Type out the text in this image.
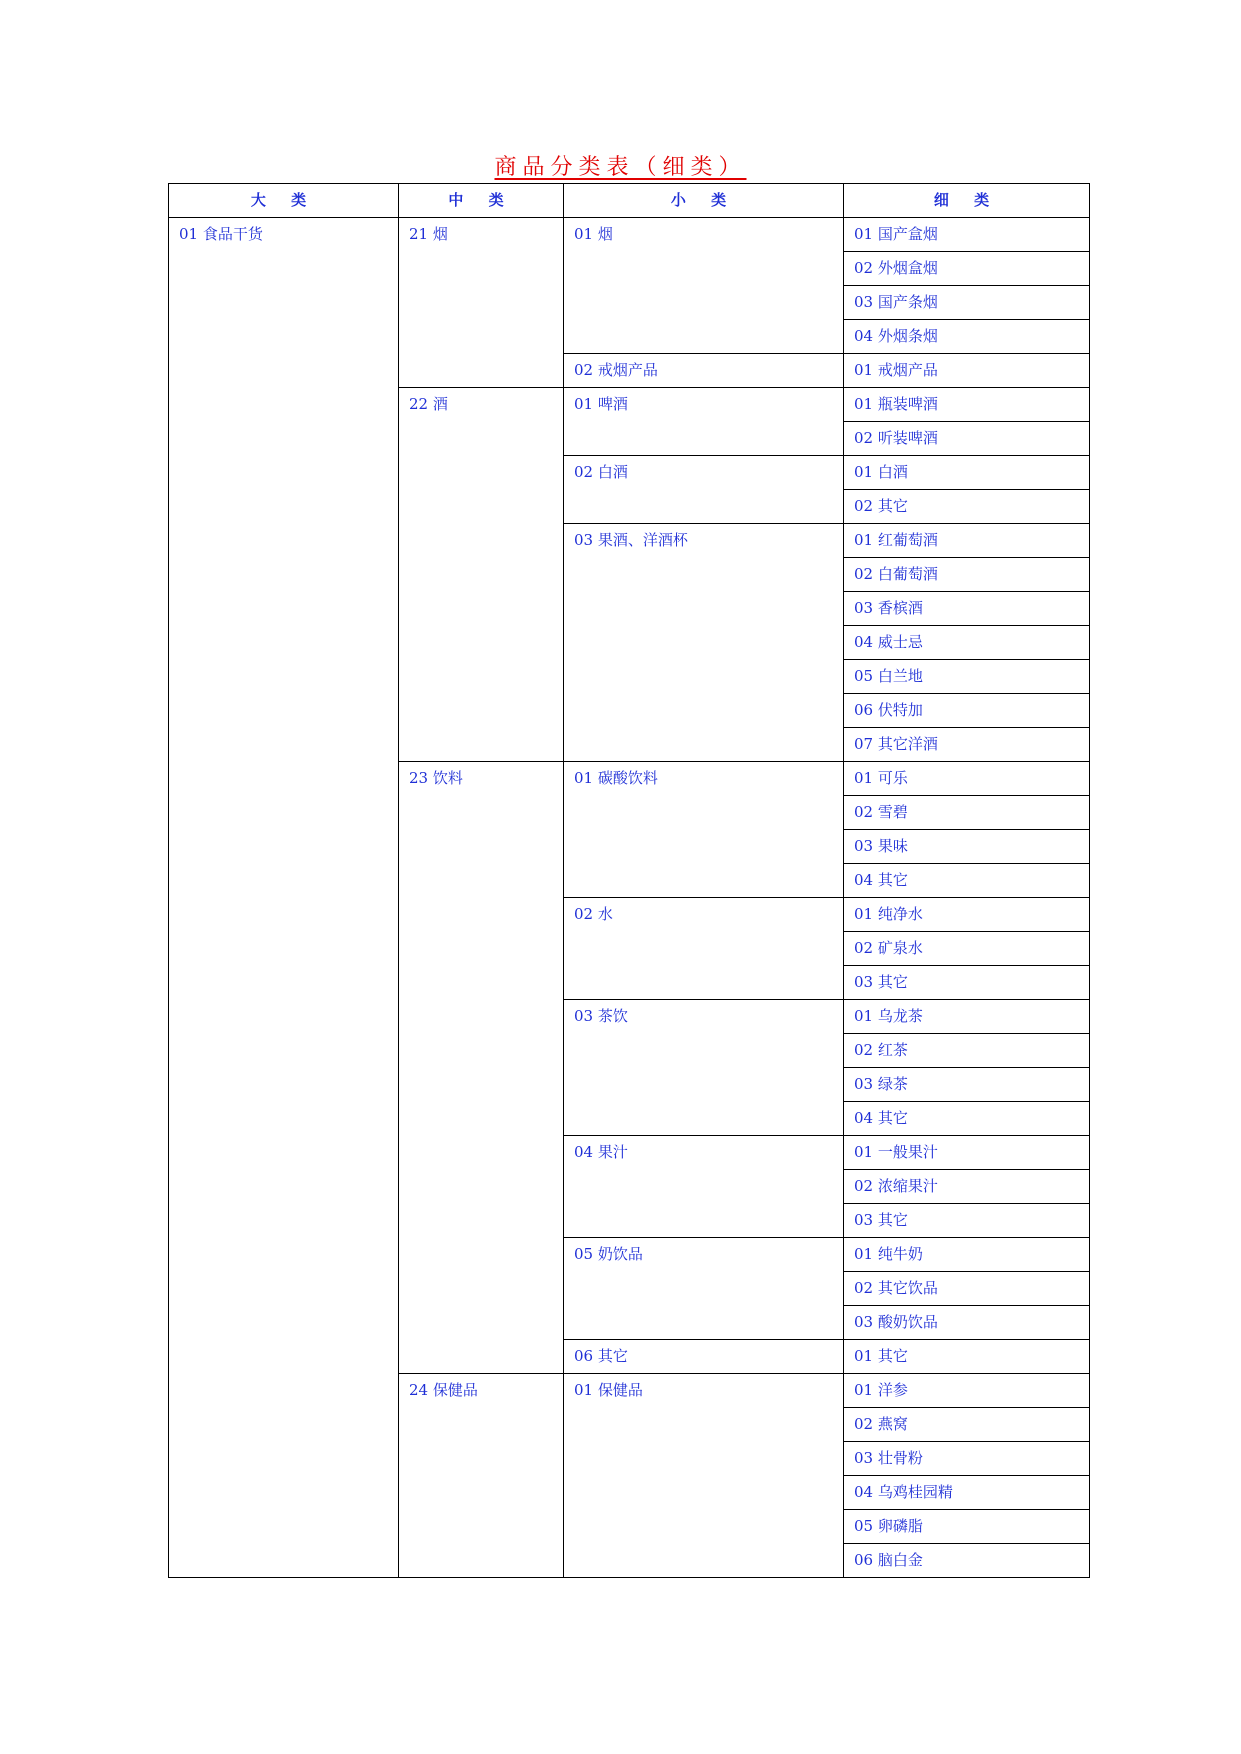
商品分类表（细类）
大 类	中 类	小 类	细 类
01 食品干货	21 烟	01 烟	01 国产盒烟
			02 外烟盒烟
			03 国产条烟
			04 外烟条烟
		02 戒烟产品	01 戒烟产品
	22 酒	01 啤酒	01 瓶装啤酒
			02 听装啤酒
		02 白酒	01 白酒
			02 其它
		03 果酒、洋酒杯	01 红葡萄酒
			02 白葡萄酒
			03 香槟酒
			04 威士忌
			05 白兰地
			06 伏特加
			07 其它洋酒
	23 饮料	01 碳酸饮料	01 可乐
			02 雪碧
			03 果味
			04 其它
		02 水	01 纯净水
			02 矿泉水
			03 其它
		03 茶饮	01 乌龙茶
			02 红茶
			03 绿茶
			04 其它
		04 果汁	01 一般果汁
			02 浓缩果汁
			03 其它
		05 奶饮品	01 纯牛奶
			02 其它饮品
			03 酸奶饮品
		06 其它	01 其它
	24 保健品	01 保健品	01 洋参
			02 燕窝
			03 壮骨粉
			04 乌鸡桂园精
			05 卵磷脂
			06 脑白金
